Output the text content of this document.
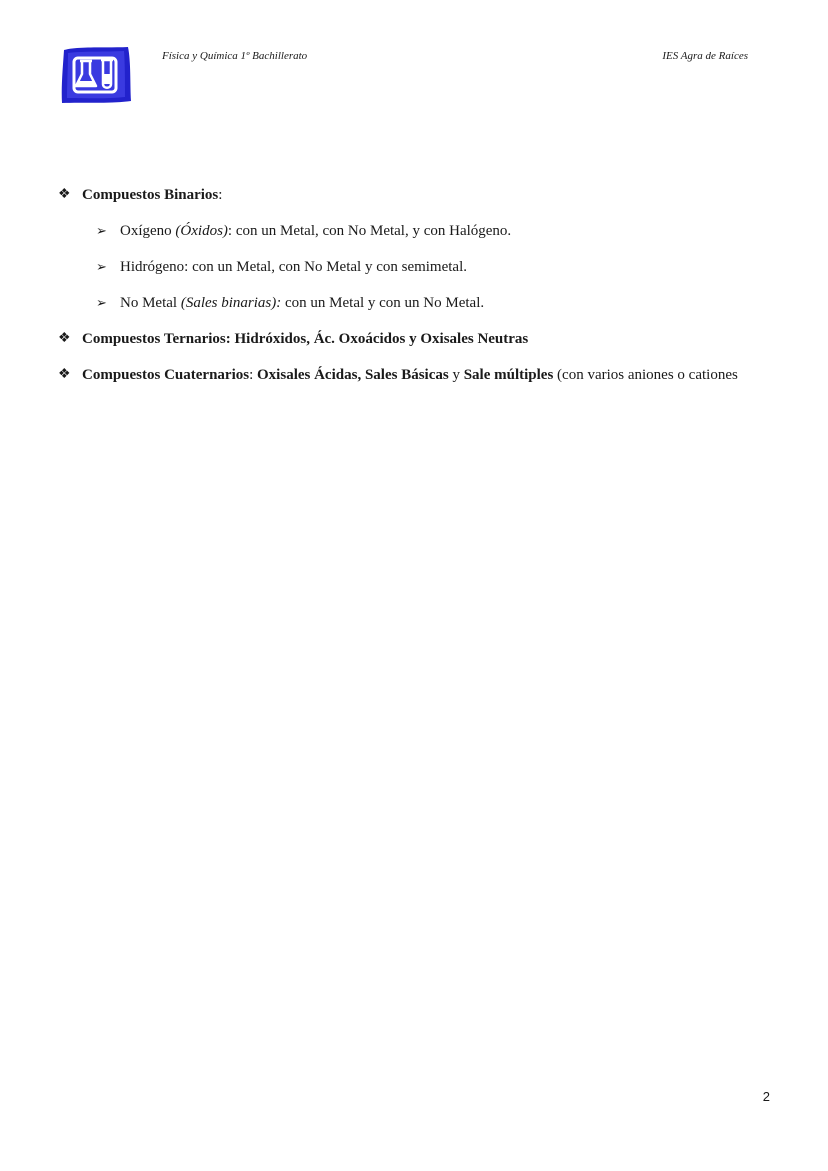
Física y Química 1º Bachillerato	IES Agra de Raíces
❖ Compuestos Binarios:
➢ Oxígeno (Óxidos): con un Metal, con No Metal, y con Halógeno.
➢ Hidrógeno: con un Metal, con No Metal y con semimetal.
➢ No Metal (Sales binarias): con un Metal y con un No Metal.
❖ Compuestos Ternarios: Hidróxidos, Ác. Oxoácidos y Oxisales Neutras
❖ Compuestos Cuaternarios: Oxisales Ácidas, Sales Básicas y Sale múltiples (con varios aniones o cationes
2
